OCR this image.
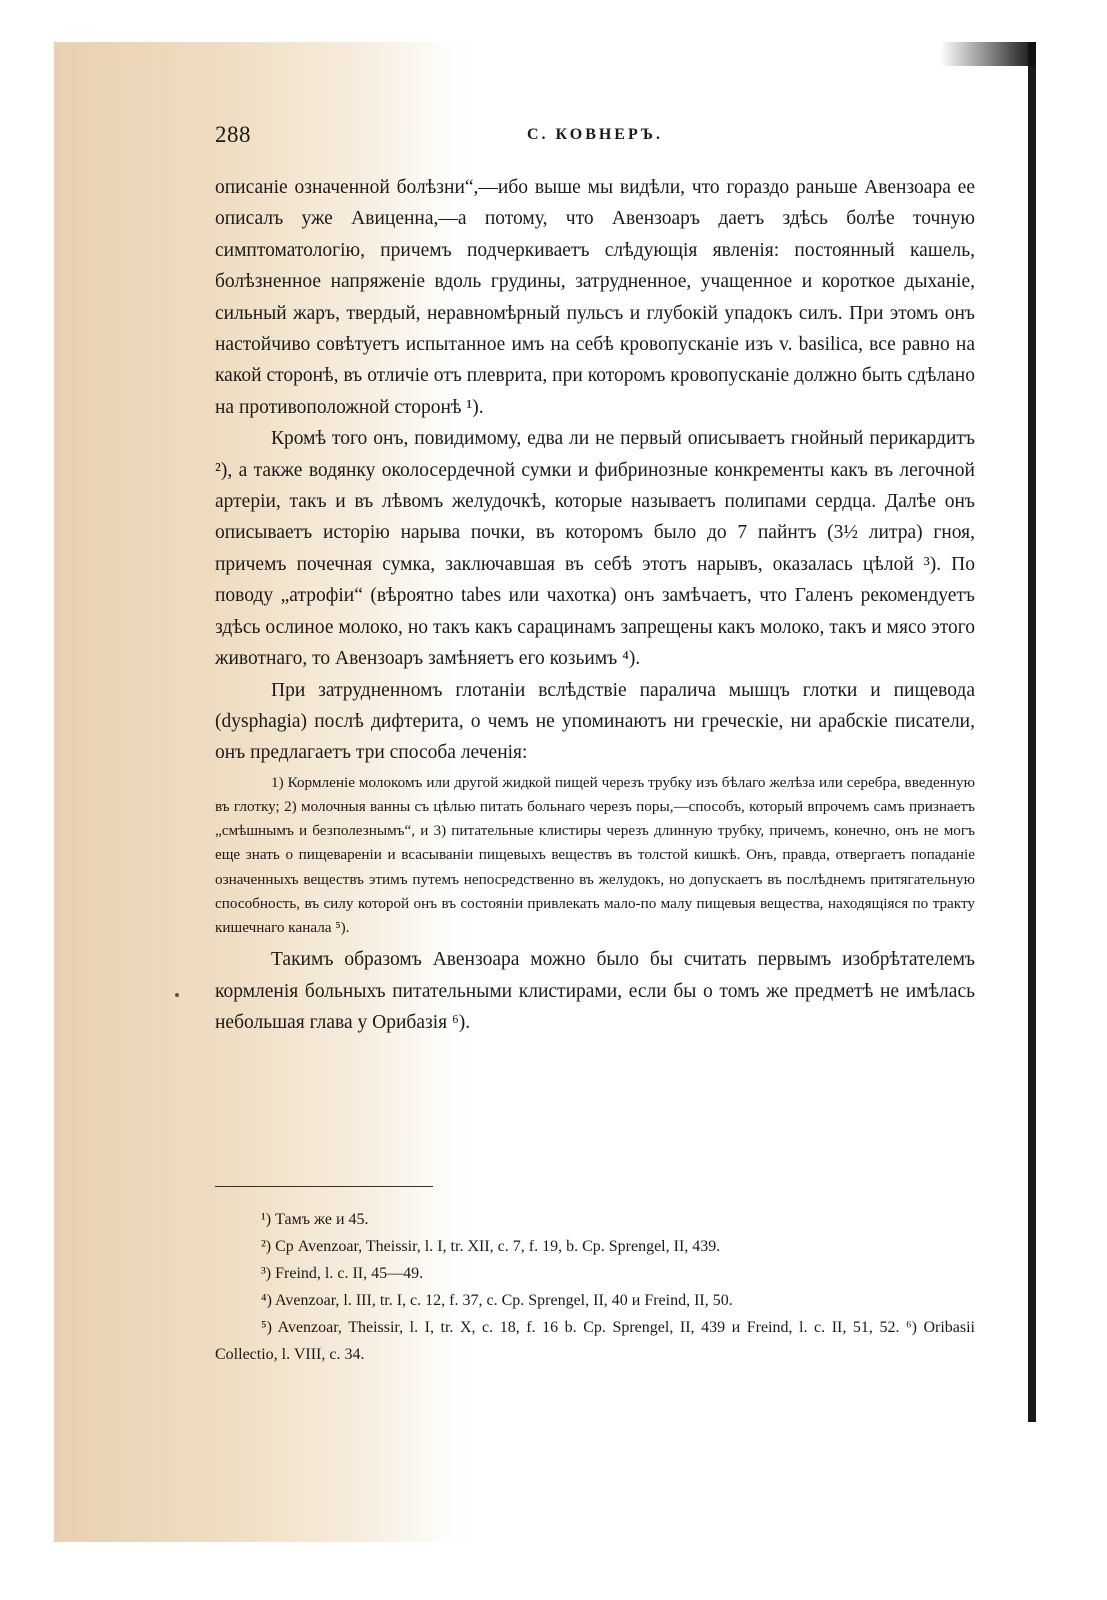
288	С. КОВНЕРЪ.

описаніе означенной болѣзни“,—ибо выше мы видѣли, что гораздо раньше Авензоара ее описалъ уже Авиценна,—а потому, что Авензоаръ даетъ здѣсь болѣе точную симптоматологію, причемъ подчеркиваетъ слѣдующія явленія: постоянный кашель, болѣзненное напряженіе вдоль грудины, затрудненное, учащенное и короткое дыханіе, сильный жаръ, твердый, неравномѣрный пульсъ и глубокій упадокъ силъ. При этомъ онъ настойчиво совѣтуетъ испытанное имъ на себѣ кровопусканіе изъ v. basilica, все равно на какой сторонѣ, въ отличіе отъ плеврита, при которомъ кровопусканіе должно быть сдѣлано на противоположной сторонѣ ¹).

Кромѣ того онъ, повидимому, едва ли не первый описываетъ гнойный перикардитъ ²), а также водянку околосердечной сумки и фибринозные конкременты какъ въ легочной артеріи, такъ и въ лѣвомъ желудочкѣ, которые называетъ полипами сердца. Далѣе онъ описываетъ исторію нарыва почки, въ которомъ было до 7 пайнтъ (3½ литра) гноя, причемъ почечная сумка, заключавшая въ себѣ этотъ нарывъ, оказалась цѣлой ³). По поводу „атрофіи“ (вѣроятно tabes или чахотка) онъ замѣчаетъ, что Галенъ рекомендуетъ здѣсь ослиное молоко, но такъ какъ сарацинамъ запрещены какъ молоко, такъ и мясо этого животнаго, то Авензоаръ замѣняетъ его козьимъ ⁴).

При затрудненномъ глотаніи вслѣдствіе паралича мышцъ глотки и пищевода (dysphagia) послѣ дифтерита, о чемъ не упоминаютъ ни греческіе, ни арабскіе писатели, онъ предлагаетъ три способа леченія:

1) Кормленіе молокомъ или другой жидкой пищей черезъ трубку изъ бѣлаго желѣза или серебра, введенную въ глотку; 2) молочныя ванны съ цѣлью питать больнаго черезъ поры,—способъ, который впрочемъ самъ признаетъ „смѣшнымъ и безполезнымъ“, и 3) питательные клистиры черезъ длинную трубку, причемъ, конечно, онъ не могъ еще знать о пищевареніи и всасываніи пищевыхъ веществъ въ толстой кишкѣ. Онъ, правда, отвергаетъ попаданіе означенныхъ веществъ этимъ путемъ непосредственно въ желудокъ, но допускаетъ въ послѣднемъ притягательную способность, въ силу которой онъ въ состояніи привлекать мало-по малу пищевыя вещества, находящіяся по тракту кишечнаго канала ⁵).

Такимъ образомъ Авензоара можно было бы считать первымъ изобрѣтателемъ кормленія больныхъ питательными клистирами, если бы о томъ же предметѣ не имѣлась небольшая глава у Орибазія ⁶).

¹) Тамъ же и 45.

²) Ср Avenzoar, Theissir, l. I, tr. XII, c. 7, f. 19, b. Cp. Sprengel, II, 439.

³) Freind, l. c. II, 45—49.

⁴) Avenzoar, l. III, tr. I, c. 12, f. 37, c. Cp. Sprengel, II, 40 и Freind, II, 50.

⁵) Avenzoar, Theissir, l. I, tr. X, c. 18, f. 16 b. Cp. Sprengel, II, 439 и Freind, l. c. II, 51, 52. ⁶) Oribasii Collectio, l. VIII, c. 34.
